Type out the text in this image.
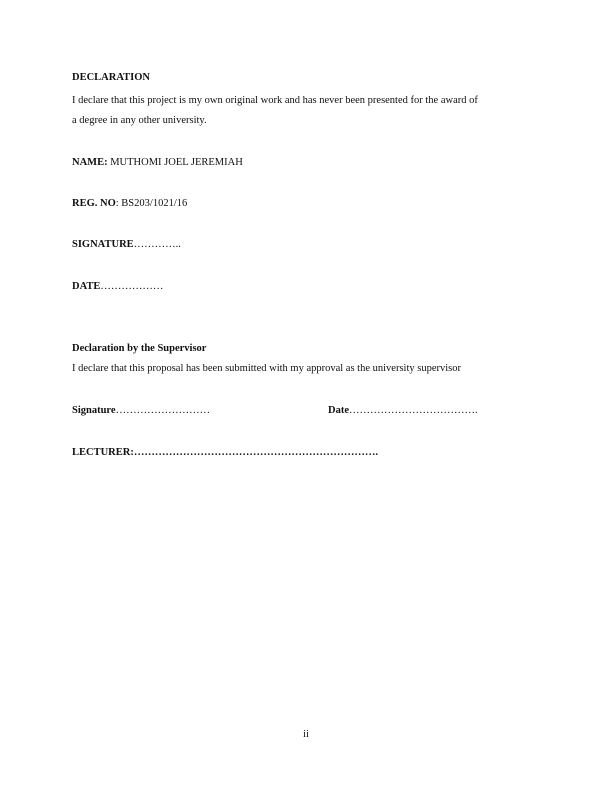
DECLARATION
I declare that this project is my own original work and has never been presented for the award of
a degree in any other university.
NAME: MUTHOMI JOEL JEREMIAH
REG. NO: BS203/1021/16
SIGNATURE…………..
DATE………………
Declaration by the Supervisor
I declare that this proposal has been submitted with my approval as the university supervisor
Signature………………………	Date……………………………….
LECTURER:…………………………………………………………….
ii
